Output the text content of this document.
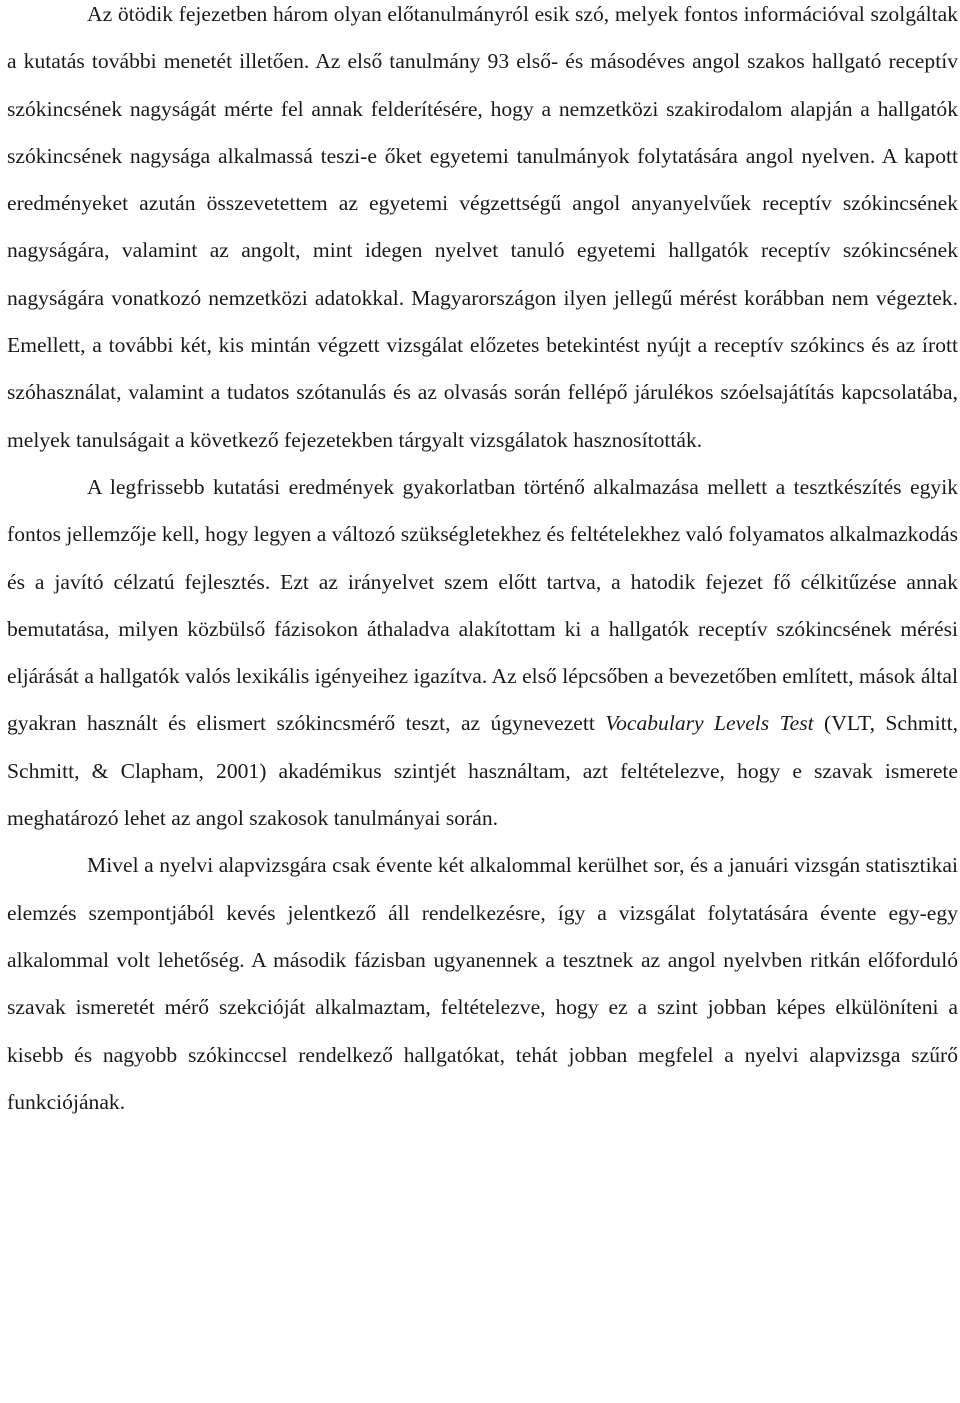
Az ötödik fejezetben három olyan előtanulmányról esik szó, melyek fontos információval szolgáltak a kutatás további menetét illetően. Az első tanulmány 93 első- és másodéves angol szakos hallgató receptív szókincsének nagyságát mérte fel annak felderítésére, hogy a nemzetközi szakirodalom alapján a hallgatók szókincsének nagysága alkalmassá teszi-e őket egyetemi tanulmányok folytatására angol nyelven. A kapott eredményeket azután összevetettem az egyetemi végzettségű angol anyanyelvűek receptív szókincsének nagyságára, valamint az angolt, mint idegen nyelvet tanuló egyetemi hallgatók receptív szókincsének nagyságára vonatkozó nemzetközi adatokkal. Magyarországon ilyen jellegű mérést korábban nem végeztek. Emellett, a további két, kis mintán végzett vizsgálat előzetes betekintést nyújt a receptív szókincs és az írott szóhasználat, valamint a tudatos szótanulás és az olvasás során fellépő járulékos szóelsajátítás kapcsolatába, melyek tanulságait a következő fejezetekben tárgyalt vizsgálatok hasznosították.

A legfrissebb kutatási eredmények gyakorlatban történő alkalmazása mellett a tesztkészítés egyik fontos jellemzője kell, hogy legyen a változó szükségletekhez és feltételekhez való folyamatos alkalmazkodás és a javító célzatú fejlesztés. Ezt az irányelvet szem előtt tartva, a hatodik fejezet fő célkitűzése annak bemutatása, milyen közbülső fázisokon áthaladva alakítottam ki a hallgatók receptív szókincsének mérési eljárását a hallgatók valós lexikális igényeihez igazítva. Az első lépcsőben a bevezetőben említett, mások által gyakran használt és elismert szókincsmérő teszt, az úgynevezett Vocabulary Levels Test (VLT, Schmitt, Schmitt, & Clapham, 2001) akadémikus szintjét használtam, azt feltételezve, hogy e szavak ismerete meghatározó lehet az angol szakosok tanulmányai során.

Mivel a nyelvi alapvizsgára csak évente két alkalommal kerülhet sor, és a januári vizsgán statisztikai elemzés szempontjából kevés jelentkező áll rendelkezésre, így a vizsgálat folytatására évente egy-egy alkalommal volt lehetőség. A második fázisban ugyanennek a tesztnek az angol nyelvben ritkán előforduló szavak ismeretét mérő szekcióját alkalmaztam, feltételezve, hogy ez a szint jobban képes elkülöníteni a kisebb és nagyobb szókinccsel rendelkező hallgatókat, tehát jobban megfelel a nyelvi alapvizsga szűrő funkciójának.
